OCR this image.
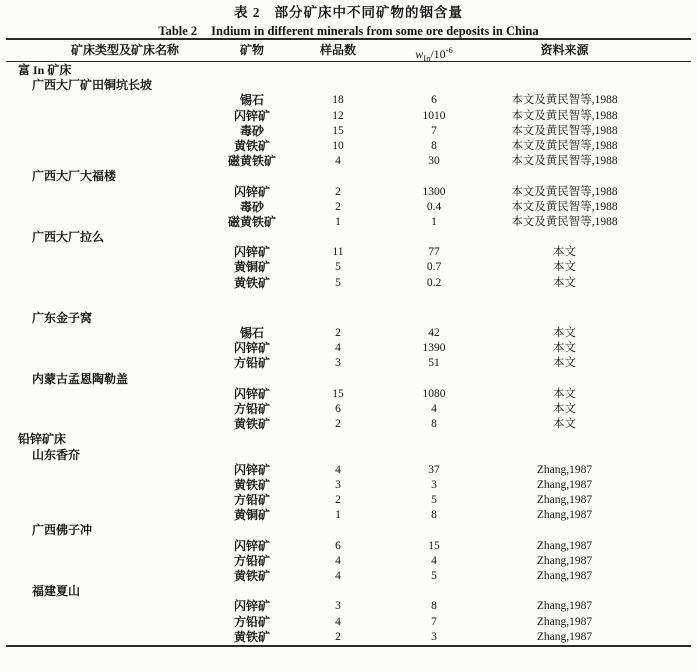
表 2 部分矿床中不同矿物的铟含量
Table 2 Indium in different minerals from some ore deposits in China
矿床类型及矿床名称	矿物	样品数	$w_{In}/10^{-6}$	资料来源
富 In 矿床
广西大厂矿田铜坑长坡
锡石	18	6	本文及黄民智等,1988
闪锌矿	12	1010	本文及黄民智等,1988
毒砂	15	7	本文及黄民智等,1988
黄铁矿	10	8	本文及黄民智等,1988
磁黄铁矿	4	30	本文及黄民智等,1988
广西大厂大福楼
闪锌矿	2	1300	本文及黄民智等,1988
毒砂	2	0.4	本文及黄民智等,1988
磁黄铁矿	1	1	本文及黄民智等,1988
广西大厂拉么
闪锌矿	11	77	本文
黄铜矿	5	0.7	本文
黄铁矿	5	0.2	本文
广东金子窝
锡石	2	42	本文
闪锌矿	4	1390	本文
方铅矿	3	51	本文
内蒙古孟恩陶勒盖
闪锌矿	15	1080	本文
方铅矿	6	4	本文
黄铁矿	2	8	本文
铅锌矿床
山东香夼
闪锌矿	4	37	Zhang,1987
黄铁矿	3	3	Zhang,1987
方铅矿	2	5	Zhang,1987
黄铜矿	1	8	Zhang,1987
广西佛子冲
闪锌矿	6	15	Zhang,1987
方铅矿	4	4	Zhang,1987
黄铁矿	4	5	Zhang,1987
福建夏山
闪锌矿	3	8	Zhang,1987
方铅矿	4	7	Zhang,1987
黄铁矿	2	3	Zhang,1987
